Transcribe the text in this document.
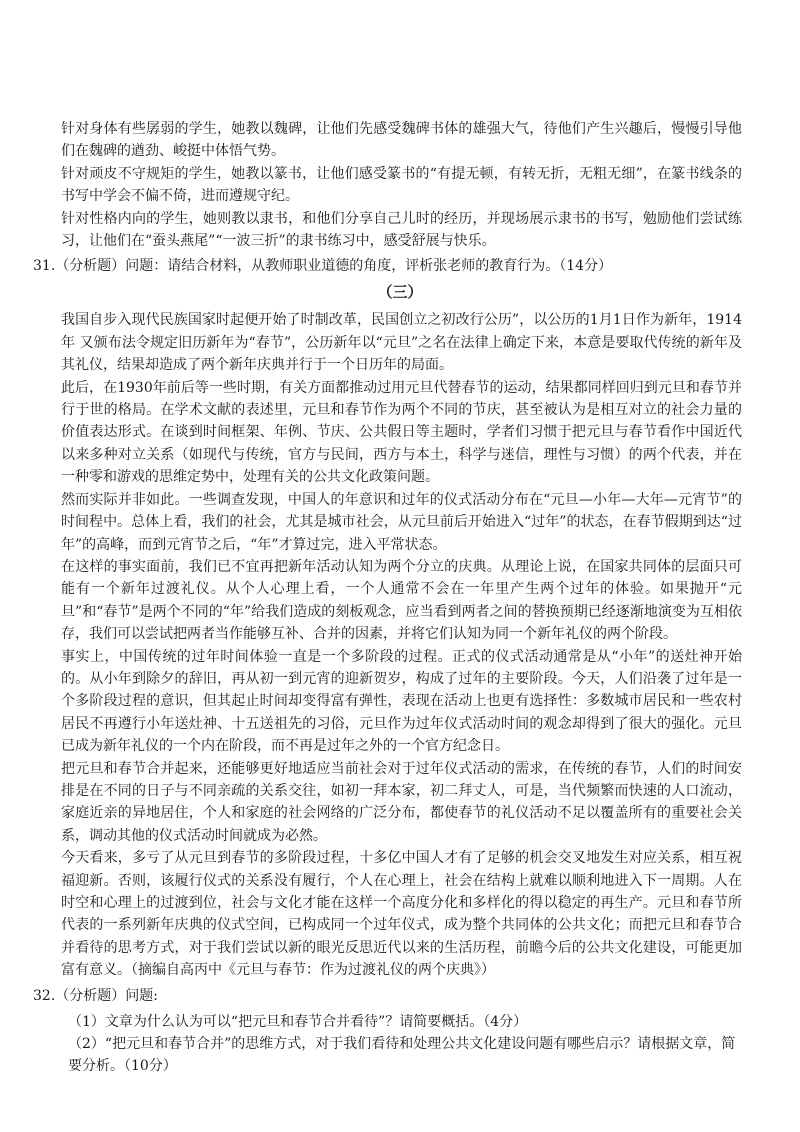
针对身体有些孱弱的学生，她教以魏碑，让他们先感受魏碑书体的雄强大气，待他们产生兴趣后，慢慢引导他们在魏碑的遒劲、峻挺中体悟气势。

针对顽皮不守规矩的学生，她教以篆书，让他们感受篆书的“有提无顿，有转无折，无粗无细”，在篆书线条的书写中学会不偏不倚，进而遵规守纪。

针对性格内向的学生，她则教以隶书，和他们分享自己儿时的经历，并现场展示隶书的书写，勉励他们尝试练习，让他们在“蚕头燕尾”“一波三折”的隶书练习中，感受舒展与快乐。

31.（分析题）问题：请结合材料，从教师职业道德的角度，评析张老师的教育行为。（14分）

（三）

我国自步入现代民族国家时起便开始了时制改革，民国创立之初改行公历”，以公历的1月1日作为新年，1914年 又颁布法令规定旧历新年为“春节”，公历新年以“元旦”之名在法律上确定下来，本意是要取代传统的新年及其礼仪，结果却造成了两个新年庆典并行于一个日历年的局面。

此后，在1930年前后等一些时期，有关方面都推动过用元旦代替春节的运动，结果都同样回归到元旦和春节并行于世的格局。在学术文献的表述里，元旦和春节作为两个不同的节庆，甚至被认为是相互对立的社会力量的价值表达形式。在谈到时间框架、年例、节庆、公共假日等主题时，学者们习惯于把元旦与春节看作中国近代以来多种对立关系（如现代与传统，官方与民间，西方与本土，科学与迷信，理性与习惯）的两个代表，并在一种零和游戏的思维定势中，处理有关的公共文化政策问题。

然而实际并非如此。一些调查发现，中国人的年意识和过年的仪式活动分布在“元旦—小年—大年—元宵节”的时间程中。总体上看，我们的社会，尤其是城市社会，从元旦前后开始进入“过年”的状态，在春节假期到达“过年”的高峰，而到元宵节之后，“年”才算过完，进入平常状态。

在这样的事实面前，我们已不宜再把新年活动认知为两个分立的庆典。从理论上说，在国家共同体的层面只可能有一个新年过渡礼仪。从个人心理上看，一个人通常不会在一年里产生两个过年的体验。如果抛开“元旦”和“春节”是两个不同的“年”给我们造成的刻板观念，应当看到两者之间的替换预期已经逐渐地演变为互相依存，我们可以尝试把两者当作能够互补、合并的因素，并将它们认知为同一个新年礼仪的两个阶段。

事实上，中国传统的过年时间体验一直是一个多阶段的过程。正式的仪式活动通常是从“小年”的送灶神开始的。从小年到除夕的辞旧，再从初一到元宵的迎新贺岁，构成了过年的主要阶段。今天，人们沿袭了过年是一个多阶段过程的意识，但其起止时间却变得富有弹性，表现在活动上也更有选择性：多数城市居民和一些农村居民不再遵行小年送灶神、十五送祖先的习俗，元旦作为过年仪式活动时间的观念却得到了很大的强化。元旦已成为新年礼仪的一个内在阶段，而不再是过年之外的一个官方纪念日。

把元旦和春节合并起来，还能够更好地适应当前社会对于过年仪式活动的需求，在传统的春节，人们的时间安排是在不同的日子与不同亲疏的关系交往，如初一拜本家，初二拜丈人，可是，当代频繁而快速的人口流动，家庭近亲的异地居住，个人和家庭的社会网络的广泛分布，都使春节的礼仪活动不足以覆盖所有的重要社会关系，调动其他的仪式活动时间就成为必然。

今天看来，多亏了从元旦到春节的多阶段过程，十多亿中国人才有了足够的机会交叉地发生对应关系，相互祝福迎新。否则，该履行仪式的关系没有履行，个人在心理上，社会在结构上就难以顺利地进入下一周期。人在时空和心理上的过渡到位，社会与文化才能在这样一个高度分化和多样化的得以稳定的再生产。元旦和春节所代表的一系列新年庆典的仪式空间，已构成同一个过年仪式，成为整个共同体的公共文化；而把元旦和春节合并看待的思考方式，对于我们尝试以新的眼光反思近代以来的生活历程，前瞻今后的公共文化建设，可能更加富有意义。（摘编自高丙中《元旦与春节：作为过渡礼仪的两个庆典》）

32.（分析题）问题:

（1）文章为什么认为可以“把元旦和春节合并看待”？请简要概括。（4分）

（2）“把元旦和春节合并”的思维方式，对于我们看待和处理公共文化建设问题有哪些启示？请根据文章，简要分析。（10分）
